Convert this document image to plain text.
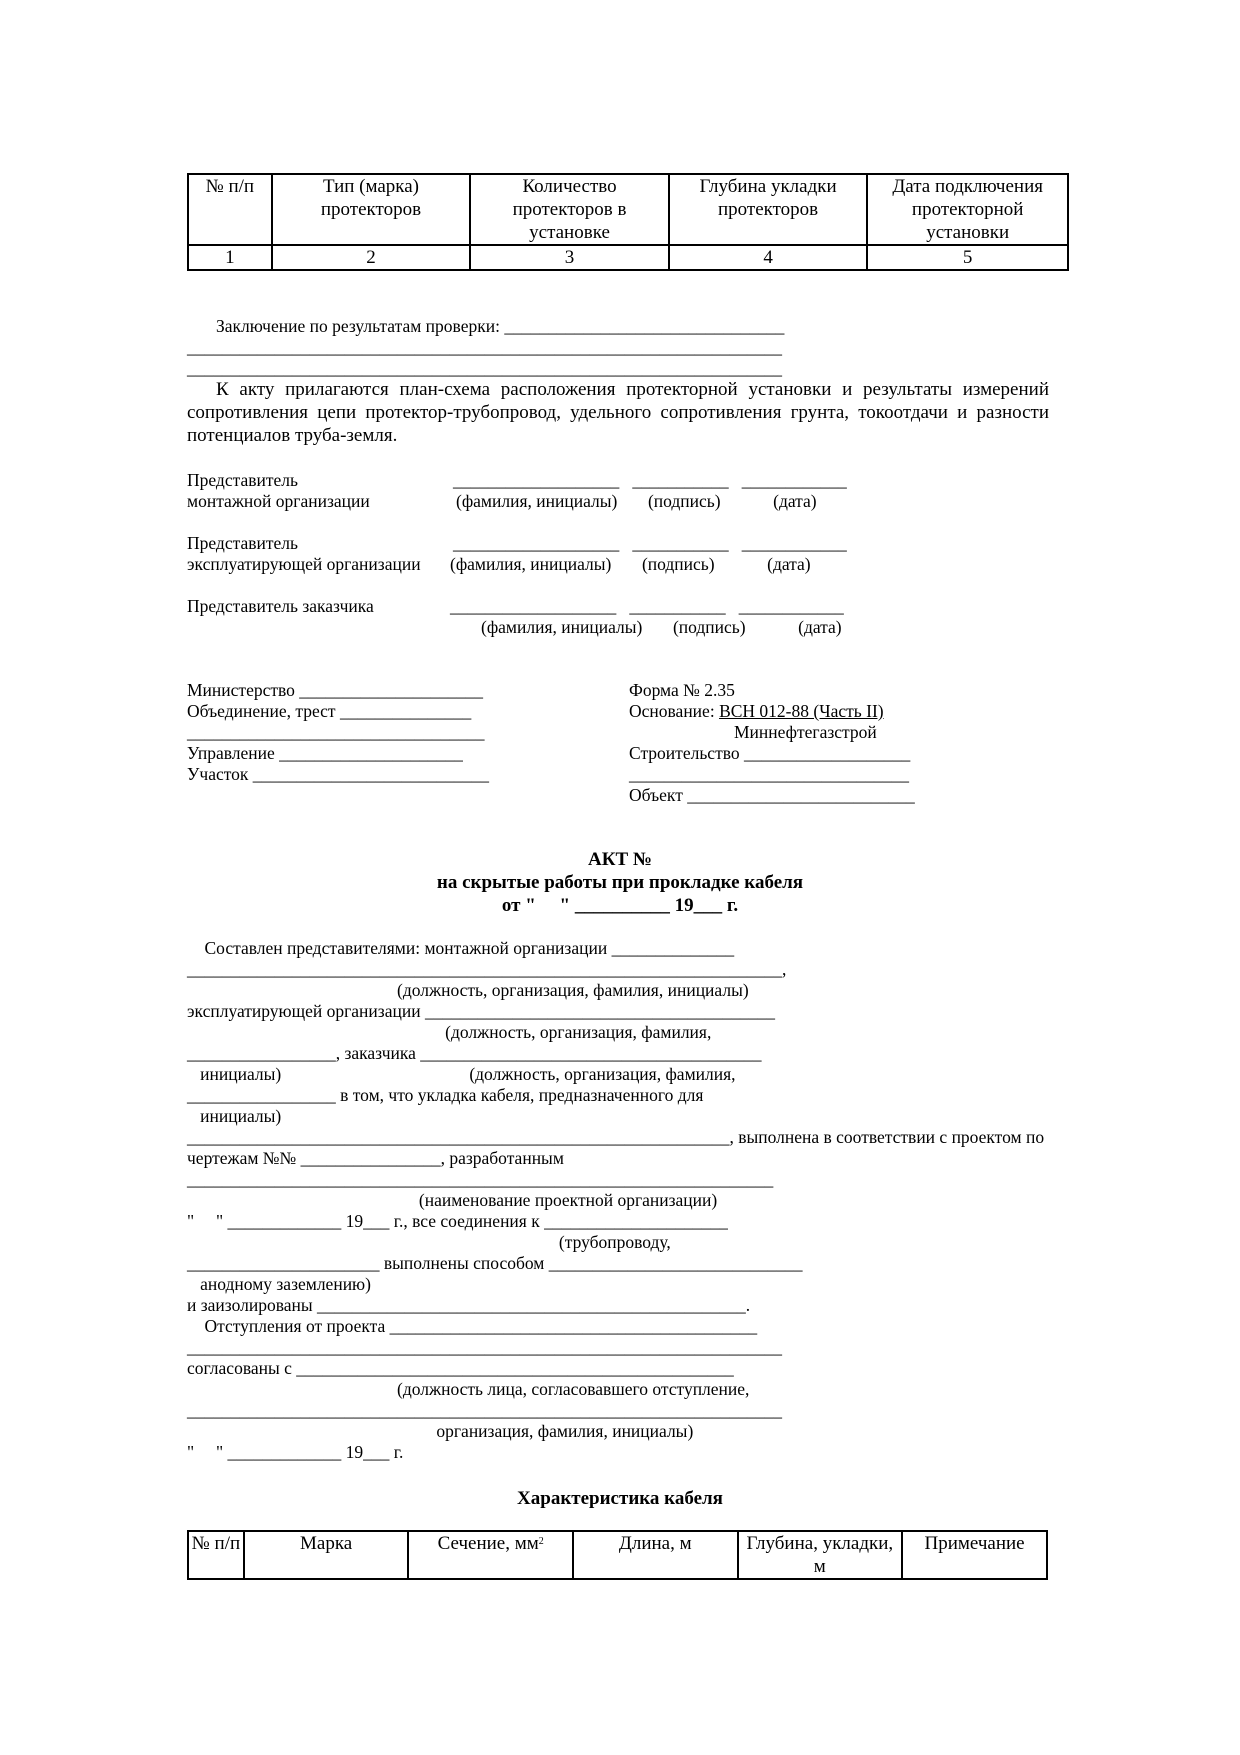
№ п/п	Тип (марка) протекторов	Количество протекторов в установке	Глубина укладки протекторов	Дата подключения протекторной установки
1	2	3	4	5
Заключение по результатам проверки: ________________________________
____________________________________________________________________
____________________________________________________________________
К акту прилагаются план-схема расположения протекторной установки и результаты измерений сопротивления цепи протектор-трубопровод, удельного сопротивления грунта, токоотдачи и разности потенциалов труба-земля.
Представитель
монтажной организации
___________________   ___________   ____________
(фамилия, инициалы)       (подпись)            (дата)
Представитель
эксплуатирующей организации
___________________   ___________   ____________
(фамилия, инициалы)       (подпись)            (дата)
Представитель заказчика	___________________   ___________   ____________
(фамилия, инициалы)       (подпись)            (дата)
Министерство _____________________
Объединение, трест _______________
__________________________________
Управление _____________________
Участок ___________________________
Форма № 2.35
Основание: ВСН 012-88 (Часть II)
Миннефтегазстрой
Строительство ___________________
________________________________
Объект __________________________
АКТ №
на скрытые работы при прокладке кабеля
от "     " __________ 19___ г.
Составлен представителями: монтажной организации ______________
____________________________________________________________________,
(должность, организация, фамилия, инициалы)
эксплуатирующей организации ________________________________________
(должность, организация, фамилия,
_________________, заказчика _______________________________________
инициалы)                                           (должность, организация, фамилия,
_________________ в том, что укладка кабеля, предназначенного для
инициалы)
______________________________________________________________, выполнена в соответствии с проектом по
чертежам №№ ________________, разработанным
___________________________________________________________________
(наименование проектной организации)
"     " _____________ 19___ г., все соединения к _____________________
(трубопроводу,
______________________ выполнены способом _____________________________
анодному заземлению)
и заизолированы _________________________________________________.
Отступления от проекта __________________________________________
____________________________________________________________________
согласованы с __________________________________________________
(должность лица, согласовавшего отступление,
____________________________________________________________________
организация, фамилия, инициалы)
"     " _____________ 19___ г.
Характеристика кабеля
№ п/п	Марка	Сечение, $мм^2$	Длина, м	Глубина, укладки, м	Примечание
